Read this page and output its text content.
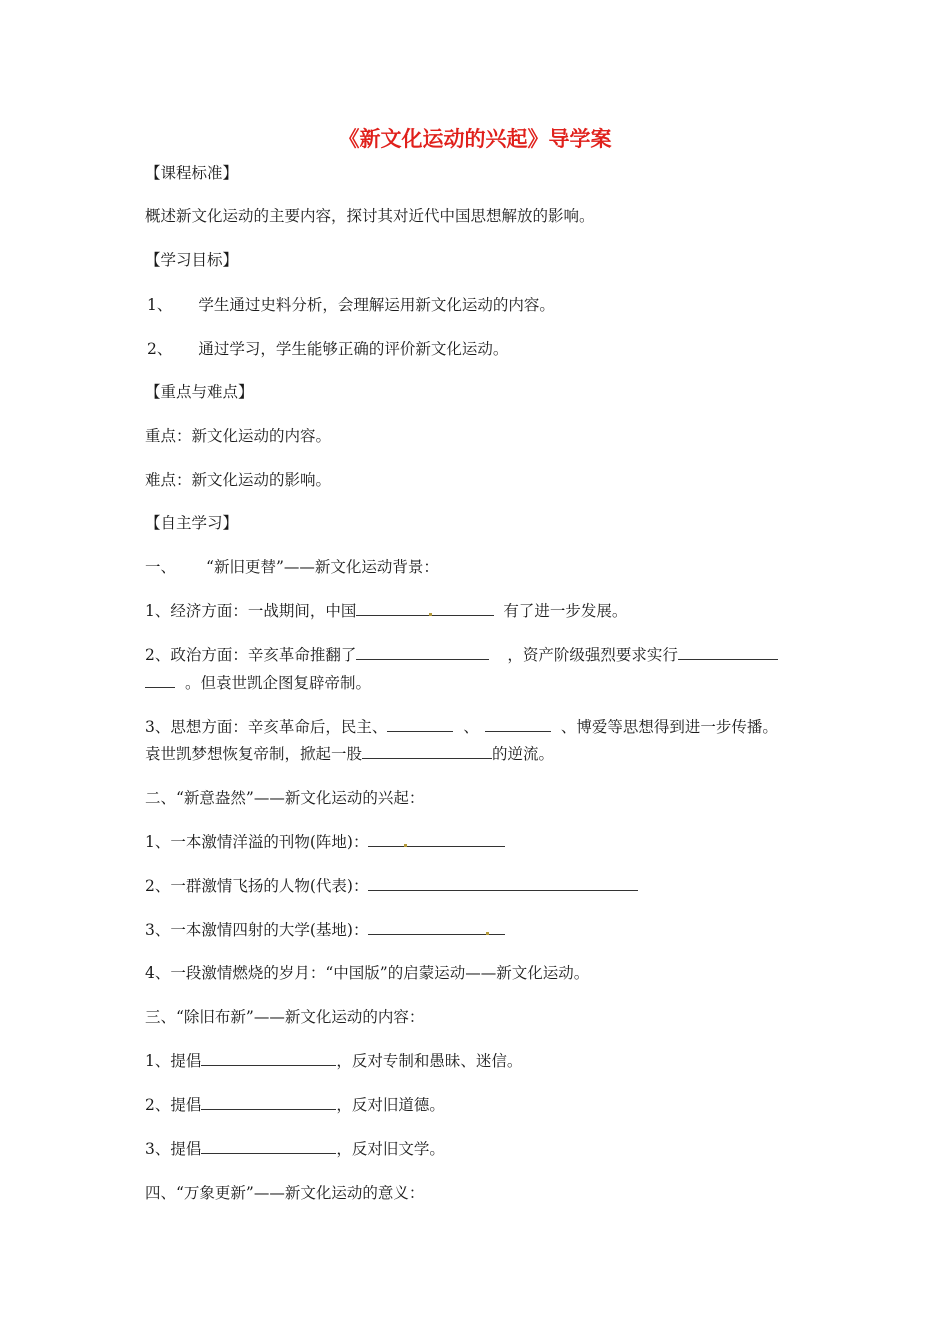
《新文化运动的兴起》导学案
【课程标准】
概述新文化运动的主要内容，探讨其对近代中国思想解放的影响。
【学习目标】
1、 学生通过史料分析，会理解运用新文化运动的内容。
2、 通过学习，学生能够正确的评价新文化运动。
【重点与难点】
重点：新文化运动的内容。
难点：新文化运动的影响。
【自主学习】
一、 “新旧更替”——新文化运动背景：
1、经济方面：一战期间，中国	有了进一步发展。
2、政治方面：辛亥革命推翻了	，资产阶级强烈要求实行
。但袁世凯企图复辟帝制。
3、思想方面：辛亥革命后，民主、	、	、博爱等思想得到进一步传播。
袁世凯梦想恢复帝制，掀起一股	的逆流。
二、“新意盎然”——新文化运动的兴起：
1、一本激情洋溢的刊物(阵地)：
2、一群激情飞扬的人物(代表)：
3、一本激情四射的大学(基地)：
4、一段激情燃烧的岁月：“中国版”的启蒙运动——新文化运动。
三、“除旧布新”——新文化运动的内容：
1、提倡	，反对专制和愚昧、迷信。
2、提倡	，反对旧道德。
3、提倡	，反对旧文学。
四、“万象更新”——新文化运动的意义：
